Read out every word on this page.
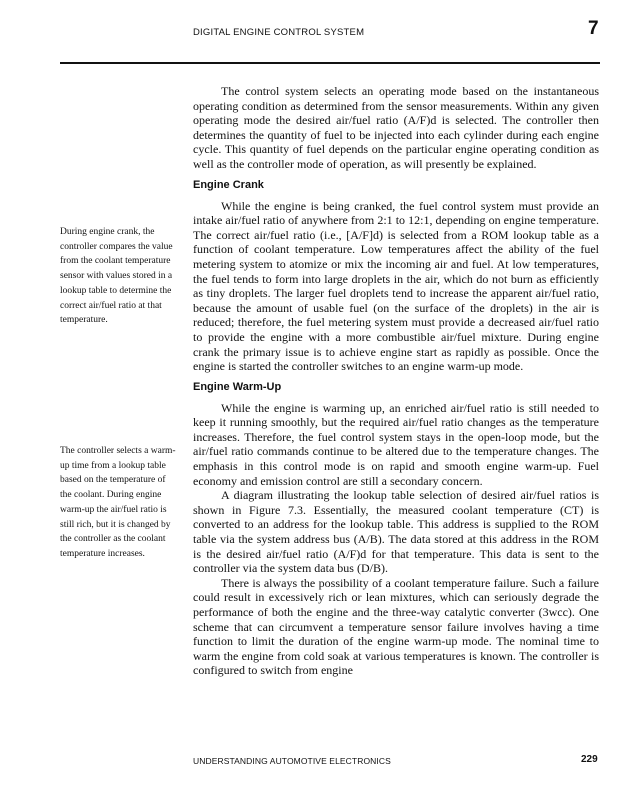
DIGITAL ENGINE CONTROL SYSTEM	7
During engine crank, the controller compares the value from the coolant temperature sensor with values stored in a lookup table to determine the correct air/fuel ratio at that temperature.
The controller selects a warm-up time from a lookup table based on the temperature of the coolant. During engine warm-up the air/fuel ratio is still rich, but it is changed by the controller as the coolant temperature increases.

The control system selects an operating mode based on the instantaneous operating condition as determined from the sensor measurements. Within any given operating mode the desired air/fuel ratio (A/F)d is selected. The controller then determines the quantity of fuel to be injected into each cylinder during each engine cycle. This quantity of fuel depends on the particular engine operating condition as well as the controller mode of operation, as will presently be explained.

Engine Crank

While the engine is being cranked, the fuel control system must provide an intake air/fuel ratio of anywhere from 2:1 to 12:1, depending on engine temperature. The correct air/fuel ratio (i.e., [A/F]d) is selected from a ROM lookup table as a function of coolant temperature. Low temperatures affect the ability of the fuel metering system to atomize or mix the incoming air and fuel. At low temperatures, the fuel tends to form into large droplets in the air, which do not burn as efficiently as tiny droplets. The larger fuel droplets tend to increase the apparent air/fuel ratio, because the amount of usable fuel (on the surface of the droplets) in the air is reduced; therefore, the fuel metering system must provide a decreased air/fuel ratio to provide the engine with a more combustible air/fuel mixture. During engine crank the primary issue is to achieve engine start as rapidly as possible. Once the engine is started the controller switches to an engine warm-up mode.

Engine Warm-Up

While the engine is warming up, an enriched air/fuel ratio is still needed to keep it running smoothly, but the required air/fuel ratio changes as the temperature increases. Therefore, the fuel control system stays in the open-loop mode, but the air/fuel ratio commands continue to be altered due to the temperature changes. The emphasis in this control mode is on rapid and smooth engine warm-up. Fuel economy and emission control are still a secondary concern.

A diagram illustrating the lookup table selection of desired air/fuel ratios is shown in Figure 7.3. Essentially, the measured coolant temperature (CT) is converted to an address for the lookup table. This address is supplied to the ROM table via the system address bus (A/B). The data stored at this address in the ROM is the desired air/fuel ratio (A/F)d for that temperature. This data is sent to the controller via the system data bus (D/B).

There is always the possibility of a coolant temperature failure. Such a failure could result in excessively rich or lean mixtures, which can seriously degrade the performance of both the engine and the three-way catalytic converter (3wcc). One scheme that can circumvent a temperature sensor failure involves having a time function to limit the duration of the engine warm-up mode. The nominal time to warm the engine from cold soak at various temperatures is known. The controller is configured to switch from engine

UNDERSTANDING AUTOMOTIVE ELECTRONICS	229
